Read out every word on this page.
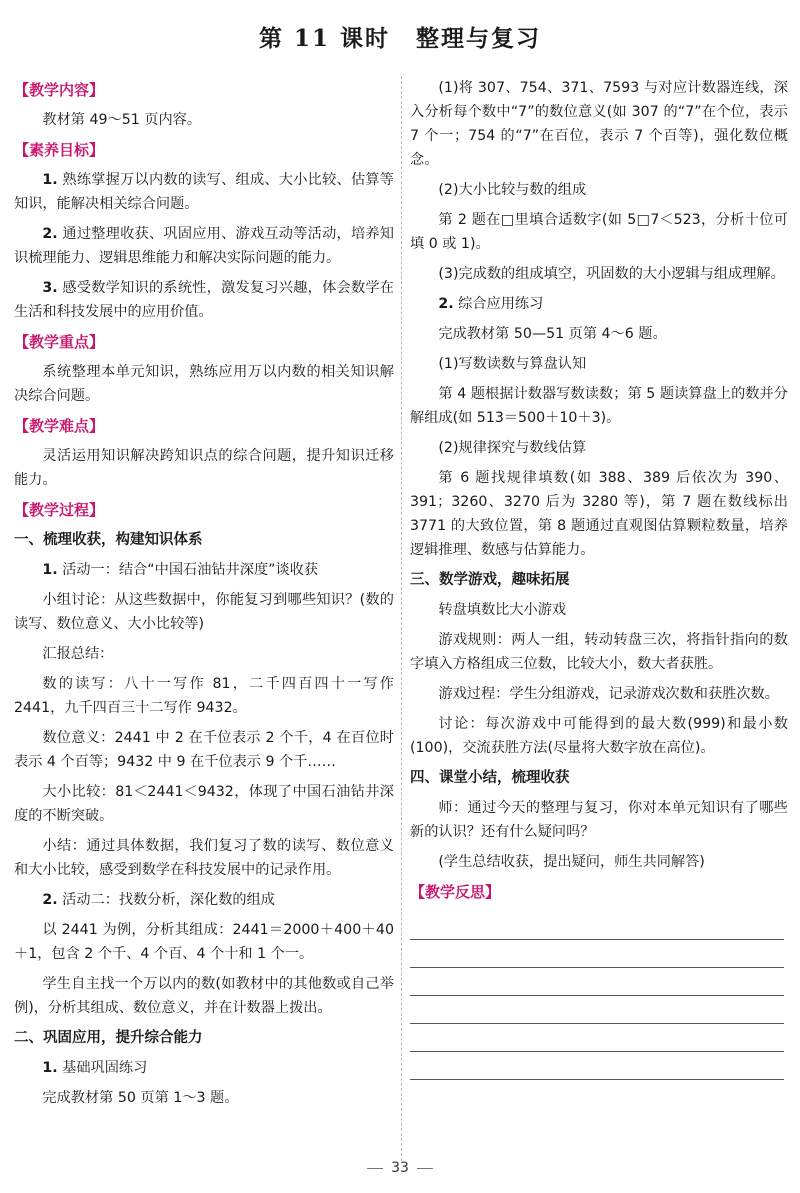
第 11 课时 整理与复习
【教学内容】

教材第 49～51 页内容。

【素养目标】

1. 熟练掌握万以内数的读写、组成、大小比较、估算等知识，能解决相关综合问题。

2. 通过整理收获、巩固应用、游戏互动等活动，培养知识梳理能力、逻辑思维能力和解决实际问题的能力。

3. 感受数学知识的系统性，激发复习兴趣，体会数学在生活和科技发展中的应用价值。

【教学重点】

系统整理本单元知识，熟练应用万以内数的相关知识解决综合问题。

【教学难点】

灵活运用知识解决跨知识点的综合问题，提升知识迁移能力。

【教学过程】
一、梳理收获，构建知识体系

1. 活动一：结合“中国石油钻井深度”谈收获

小组讨论：从这些数据中，你能复习到哪些知识？(数的读写、数位意义、大小比较等)

汇报总结：

数的读写：八十一写作 81，二千四百四十一写作 2441，九千四百三十二写作 9432。

数位意义：2441 中 2 在千位表示 2 个千，4 在百位时表示 4 个百等；9432 中 9 在千位表示 9 个千……

大小比较：81＜2441＜9432，体现了中国石油钻井深度的不断突破。

小结：通过具体数据，我们复习了数的读写、数位意义和大小比较，感受到数学在科技发展中的记录作用。

2. 活动二：找数分析，深化数的组成

以 2441 为例，分析其组成：2441＝2000＋400＋40＋1，包含 2 个千、4 个百、4 个十和 1 个一。

学生自主找一个万以内的数(如教材中的其他数或自己举例)，分析其组成、数位意义，并在计数器上拨出。

二、巩固应用，提升综合能力

1. 基础巩固练习

完成教材第 50 页第 1～3 题。

(1)将 307、754、371、7593 与对应计数器连线，深入分析每个数中“7”的数位意义(如 307 的“7”在个位，表示 7 个一；754 的“7”在百位，表示 7 个百等)，强化数位概念。

(2)大小比较与数的组成

第 2 题在□里填合适数字(如 5□7＜523，分析十位可填 0 或 1)。

(3)完成数的组成填空，巩固数的大小逻辑与组成理解。

2. 综合应用练习

完成教材第 50—51 页第 4～6 题。

(1)写数读数与算盘认知

第 4 题根据计数器写数读数；第 5 题读算盘上的数并分解组成(如 513＝500＋10＋3)。

(2)规律探究与数线估算

第 6 题找规律填数(如 388、389 后依次为 390、391；3260、3270 后为 3280 等)，第 7 题在数线标出 3771 的大致位置，第 8 题通过直观图估算颗粒数量，培养逻辑推理、数感与估算能力。

三、数学游戏，趣味拓展

转盘填数比大小游戏

游戏规则：两人一组，转动转盘三次，将指针指向的数字填入方格组成三位数，比较大小，数大者获胜。

游戏过程：学生分组游戏，记录游戏次数和获胜次数。

讨论：每次游戏中可能得到的最大数(999)和最小数(100)，交流获胜方法(尽量将大数字放在高位)。

四、课堂小结，梳理收获

师：通过今天的整理与复习，你对本单元知识有了哪些新的认识？还有什么疑问吗？

(学生总结收获，提出疑问，师生共同解答)

【教学反思】
33
